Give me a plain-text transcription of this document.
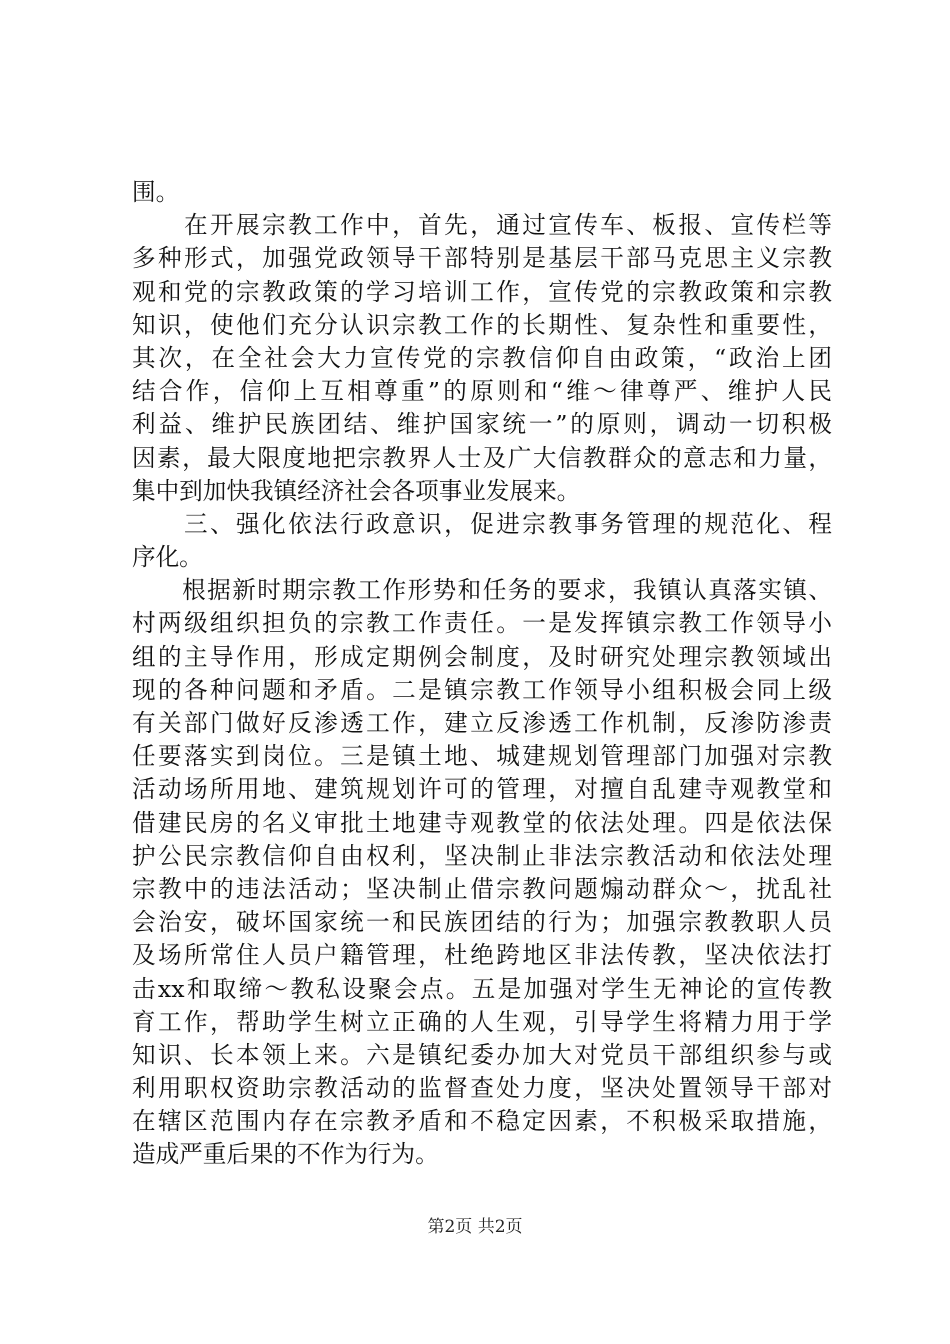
围。
　　在开展宗教工作中，首先，通过宣传车、板报、宣传栏等
多种形式，加强党政领导干部特别是基层干部马克思主义宗教
观和党的宗教政策的学习培训工作，宣传党的宗教政策和宗教
知识，使他们充分认识宗教工作的长期性、复杂性和重要性，
其次，在全社会大力宣传党的宗教信仰自由政策，“政治上团
结合作，信仰上互相尊重”的原则和“维～律尊严、维护人民
利益、维护民族团结、维护国家统一”的原则，调动一切积极
因素，最大限度地把宗教界人士及广大信教群众的意志和力量，
集中到加快我镇经济社会各项事业发展来。
　　三、强化依法行政意识，促进宗教事务管理的规范化、程
序化。
　　根据新时期宗教工作形势和任务的要求，我镇认真落实镇、
村两级组织担负的宗教工作责任。一是发挥镇宗教工作领导小
组的主导作用，形成定期例会制度，及时研究处理宗教领域出
现的各种问题和矛盾。二是镇宗教工作领导小组积极会同上级
有关部门做好反渗透工作，建立反渗透工作机制，反渗防渗责
任要落实到岗位。三是镇土地、城建规划管理部门加强对宗教
活动场所用地、建筑规划许可的管理，对擅自乱建寺观教堂和
借建民房的名义审批土地建寺观教堂的依法处理。四是依法保
护公民宗教信仰自由权利，坚决制止非法宗教活动和依法处理
宗教中的违法活动；坚决制止借宗教问题煽动群众～，扰乱社
会治安，破坏国家统一和民族团结的行为；加强宗教教职人员
及场所常住人员户籍管理，杜绝跨地区非法传教，坚决依法打
击xx和取缔～教私设聚会点。五是加强对学生无神论的宣传教
育工作，帮助学生树立正确的人生观，引导学生将精力用于学
知识、长本领上来。六是镇纪委办加大对党员干部组织参与或
利用职权资助宗教活动的监督查处力度，坚决处置领导干部对
在辖区范围内存在宗教矛盾和不稳定因素，不积极采取措施，
造成严重后果的不作为行为。
第2页 共2页
